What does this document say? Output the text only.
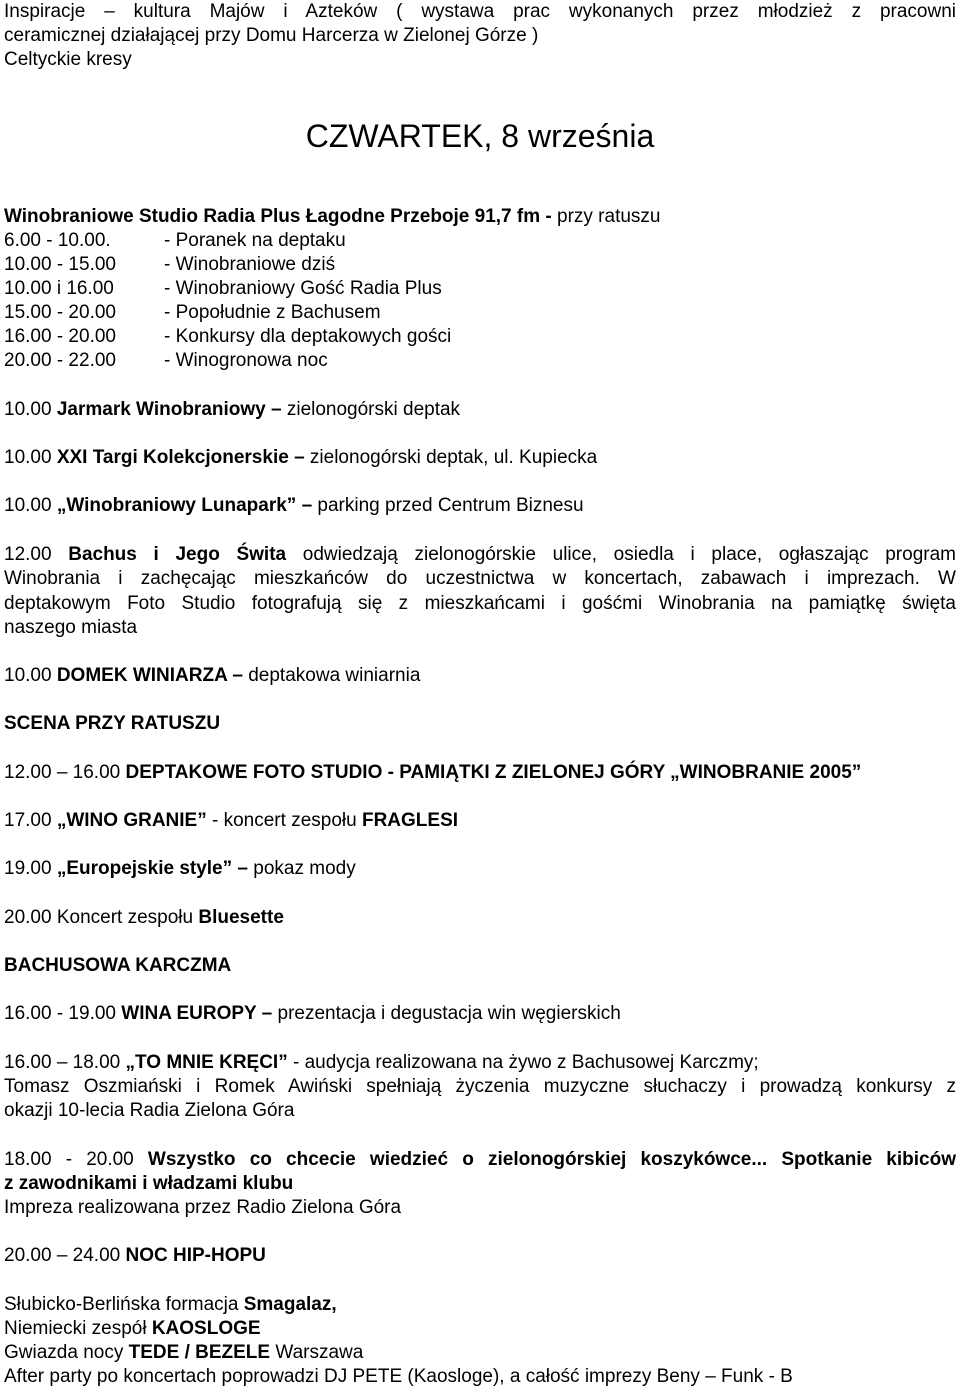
Inspiracje – kultura Majów i Azteków ( wystawa prac wykonanych przez młodzież z pracowni
ceramicznej działającej przy Domu Harcerza w Zielonej Górze )
Celtyckie kresy
CZWARTEK, 8 września
Winobraniowe Studio Radia Plus Łagodne Przeboje 91,7 fm - przy ratuszu
6.00 - 10.00.	- Poranek na deptaku
10.00 - 15.00	- Winobraniowe dziś
10.00 i 16.00	- Winobraniowy Gość Radia Plus
15.00 - 20.00	- Popołudnie z Bachusem
16.00 - 20.00	- Konkursy dla deptakowych gości
20.00 - 22.00	- Winogronowa noc
10.00 Jarmark Winobraniowy – zielonogórski deptak
10.00 XXI Targi Kolekcjonerskie – zielonogórski deptak, ul. Kupiecka
10.00 „Winobraniowy Lunapark” – parking przed Centrum Biznesu
12.00 Bachus i Jego Świta odwiedzają zielonogórskie ulice, osiedla i place, ogłaszając program
Winobrania i zachęcając mieszkańców do uczestnictwa w koncertach, zabawach i imprezach. W
deptakowym Foto Studio fotografują się z mieszkańcami i gośćmi Winobrania na pamiątkę święta
naszego miasta
10.00 DOMEK WINIARZA – deptakowa winiarnia
SCENA PRZY RATUSZU
12.00 – 16.00 DEPTAKOWE FOTO STUDIO - PAMIĄTKI Z ZIELONEJ GÓRY „WINOBRANIE 2005”
17.00 „WINO GRANIE” - koncert zespołu FRAGLESI
19.00 „Europejskie style” – pokaz mody
20.00 Koncert zespołu Bluesette
BACHUSOWA KARCZMA
16.00 - 19.00 WINA EUROPY – prezentacja i degustacja win węgierskich
16.00 – 18.00 „TO MNIE KRĘCI” - audycja realizowana na żywo z Bachusowej Karczmy;
Tomasz Oszmiański i Romek Awiński spełniają życzenia muzyczne słuchaczy i prowadzą konkursy z
okazji 10-lecia Radia Zielona Góra
18.00 - 20.00 Wszystko co chcecie wiedzieć o zielonogórskiej koszykówce... Spotkanie kibiców
z zawodnikami i władzami klubu
Impreza realizowana przez Radio Zielona Góra
20.00 – 24.00 NOC HIP-HOPU
Słubicko-Berlińska formacja Smagalaz,
Niemiecki zespół KAOSLOGE
Gwiazda nocy TEDE / BEZELE Warszawa
After party po koncertach poprowadzi DJ PETE (Kaoslogе), a całość imprezy Beny – Funk - B
